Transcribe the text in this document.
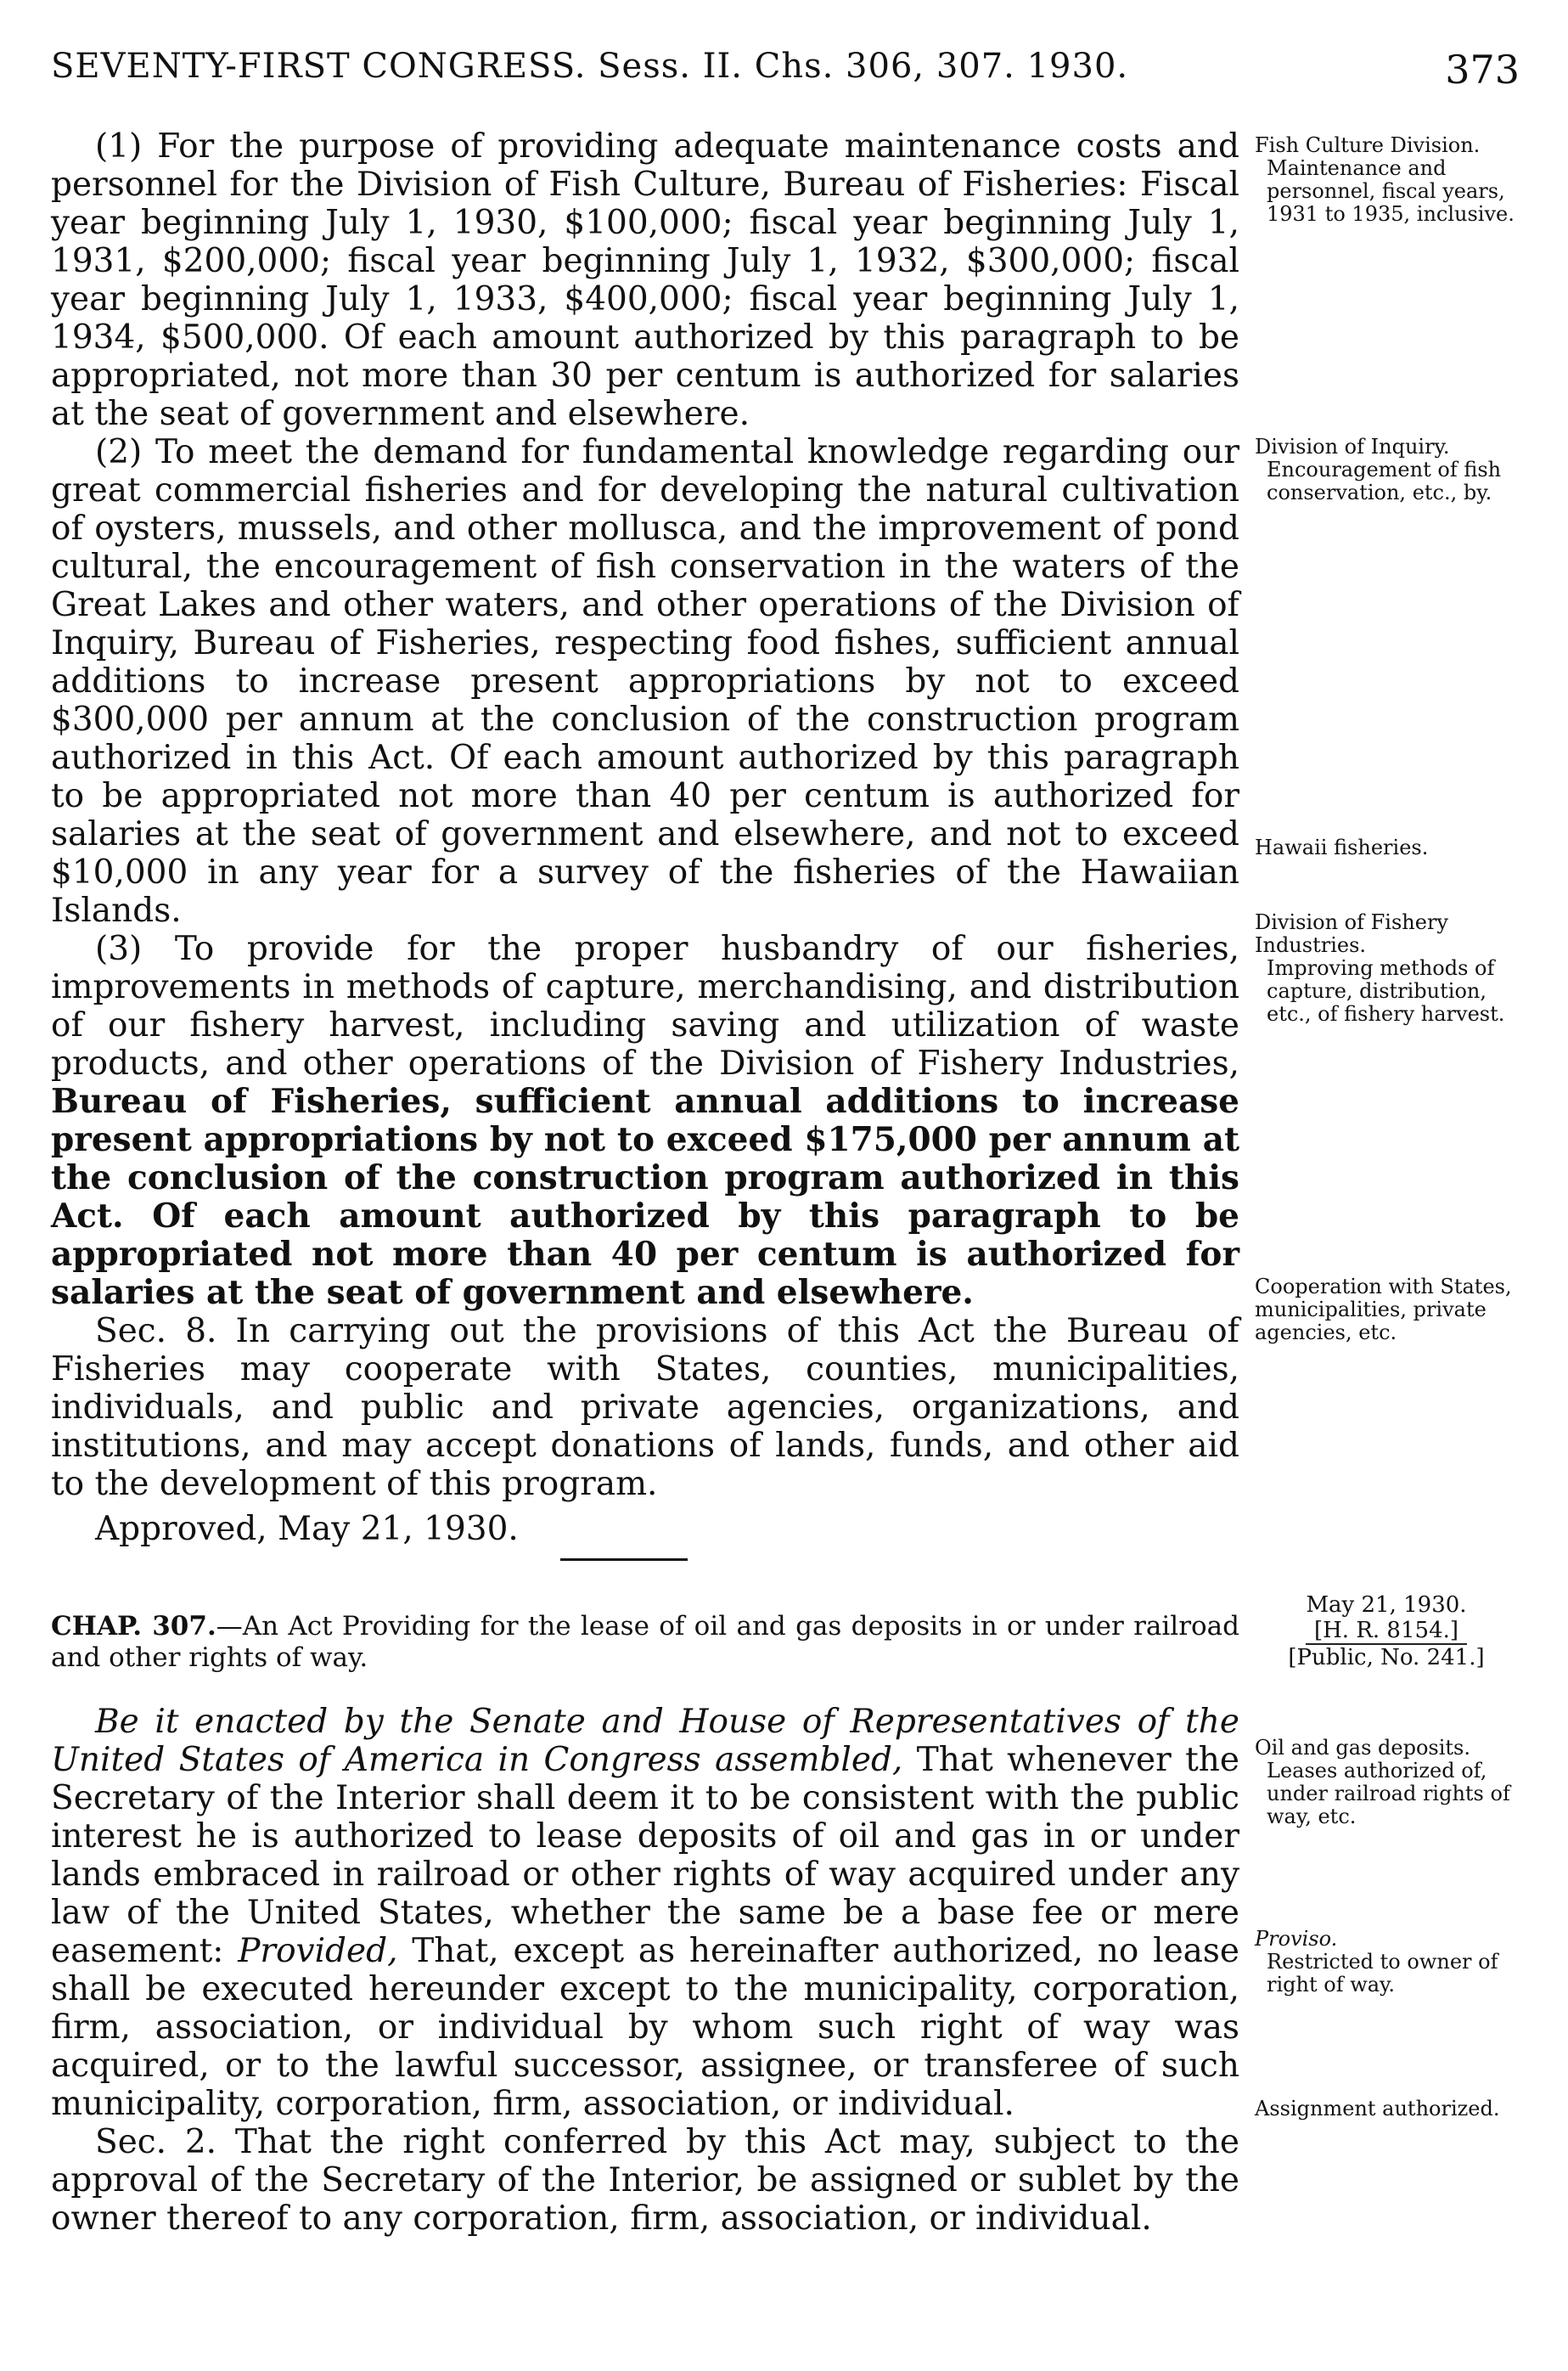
SEVENTY-FIRST CONGRESS. Sess. II. Chs. 306, 307. 1930.	373

(1) For the purpose of providing adequate maintenance costs and personnel for the Division of Fish Culture, Bureau of Fisheries: Fiscal year beginning July 1, 1930, $100,000; fiscal year beginning July 1, 1931, $200,000; fiscal year beginning July 1, 1932, $300,000; fiscal year beginning July 1, 1933, $400,000; fiscal year beginning July 1, 1934, $500,000. Of each amount authorized by this paragraph to be appropriated, not more than 30 per centum is authorized for salaries at the seat of government and elsewhere.

(2) To meet the demand for fundamental knowledge regarding our great commercial fisheries and for developing the natural cultivation of oysters, mussels, and other mollusca, and the improvement of pond cultural, the encouragement of fish conservation in the waters of the Great Lakes and other waters, and other operations of the Division of Inquiry, Bureau of Fisheries, respecting food fishes, sufficient annual additions to increase present appropriations by not to exceed $300,000 per annum at the conclusion of the construction program authorized in this Act. Of each amount authorized by this paragraph to be appropriated not more than 40 per centum is authorized for salaries at the seat of government and elsewhere, and not to exceed $10,000 in any year for a survey of the fisheries of the Hawaiian Islands.

(3) To provide for the proper husbandry of our fisheries, improvements in methods of capture, merchandising, and distribution of our fishery harvest, including saving and utilization of waste products, and other operations of the Division of Fishery Industries, Bureau of Fisheries, sufficient annual additions to increase present appropriations by not to exceed $175,000 per annum at the conclusion of the construction program authorized in this Act. Of each amount authorized by this paragraph to be appropriated not more than 40 per centum is authorized for salaries at the seat of government and elsewhere.

Sec. 8. In carrying out the provisions of this Act the Bureau of Fisheries may cooperate with States, counties, municipalities, individuals, and public and private agencies, organizations, and institutions, and may accept donations of lands, funds, and other aid to the development of this program.

Approved, May 21, 1930.

CHAP. 307.—An Act Providing for the lease of oil and gas deposits in or under railroad and other rights of way.

Be it enacted by the Senate and House of Representatives of the United States of America in Congress assembled, That whenever the Secretary of the Interior shall deem it to be consistent with the public interest he is authorized to lease deposits of oil and gas in or under lands embraced in railroad or other rights of way acquired under any law of the United States, whether the same be a base fee or mere easement: Provided, That, except as hereinafter authorized, no lease shall be executed hereunder except to the municipality, corporation, firm, association, or individual by whom such right of way was acquired, or to the lawful successor, assignee, or transferee of such municipality, corporation, firm, association, or individual.

Sec. 2. That the right conferred by this Act may, subject to the approval of the Secretary of the Interior, be assigned or sublet by the owner thereof to any corporation, firm, association, or individual.

Fish Culture Division.
Maintenance and personnel, fiscal years, 1931 to 1935, inclusive.
Division of Inquiry.
Encouragement of fish conservation, etc., by.
Hawaii fisheries.
Division of Fishery Industries.
Improving methods of capture, distribution, etc., of fishery harvest.
Cooperation with States, municipalities, private agencies, etc.
May 21, 1930.
[H. R. 8154.]
[Public, No. 241.]
Oil and gas deposits.
Leases authorized of, under railroad rights of way, etc.
Proviso.
Restricted to owner of right of way.
Assignment authorized.
